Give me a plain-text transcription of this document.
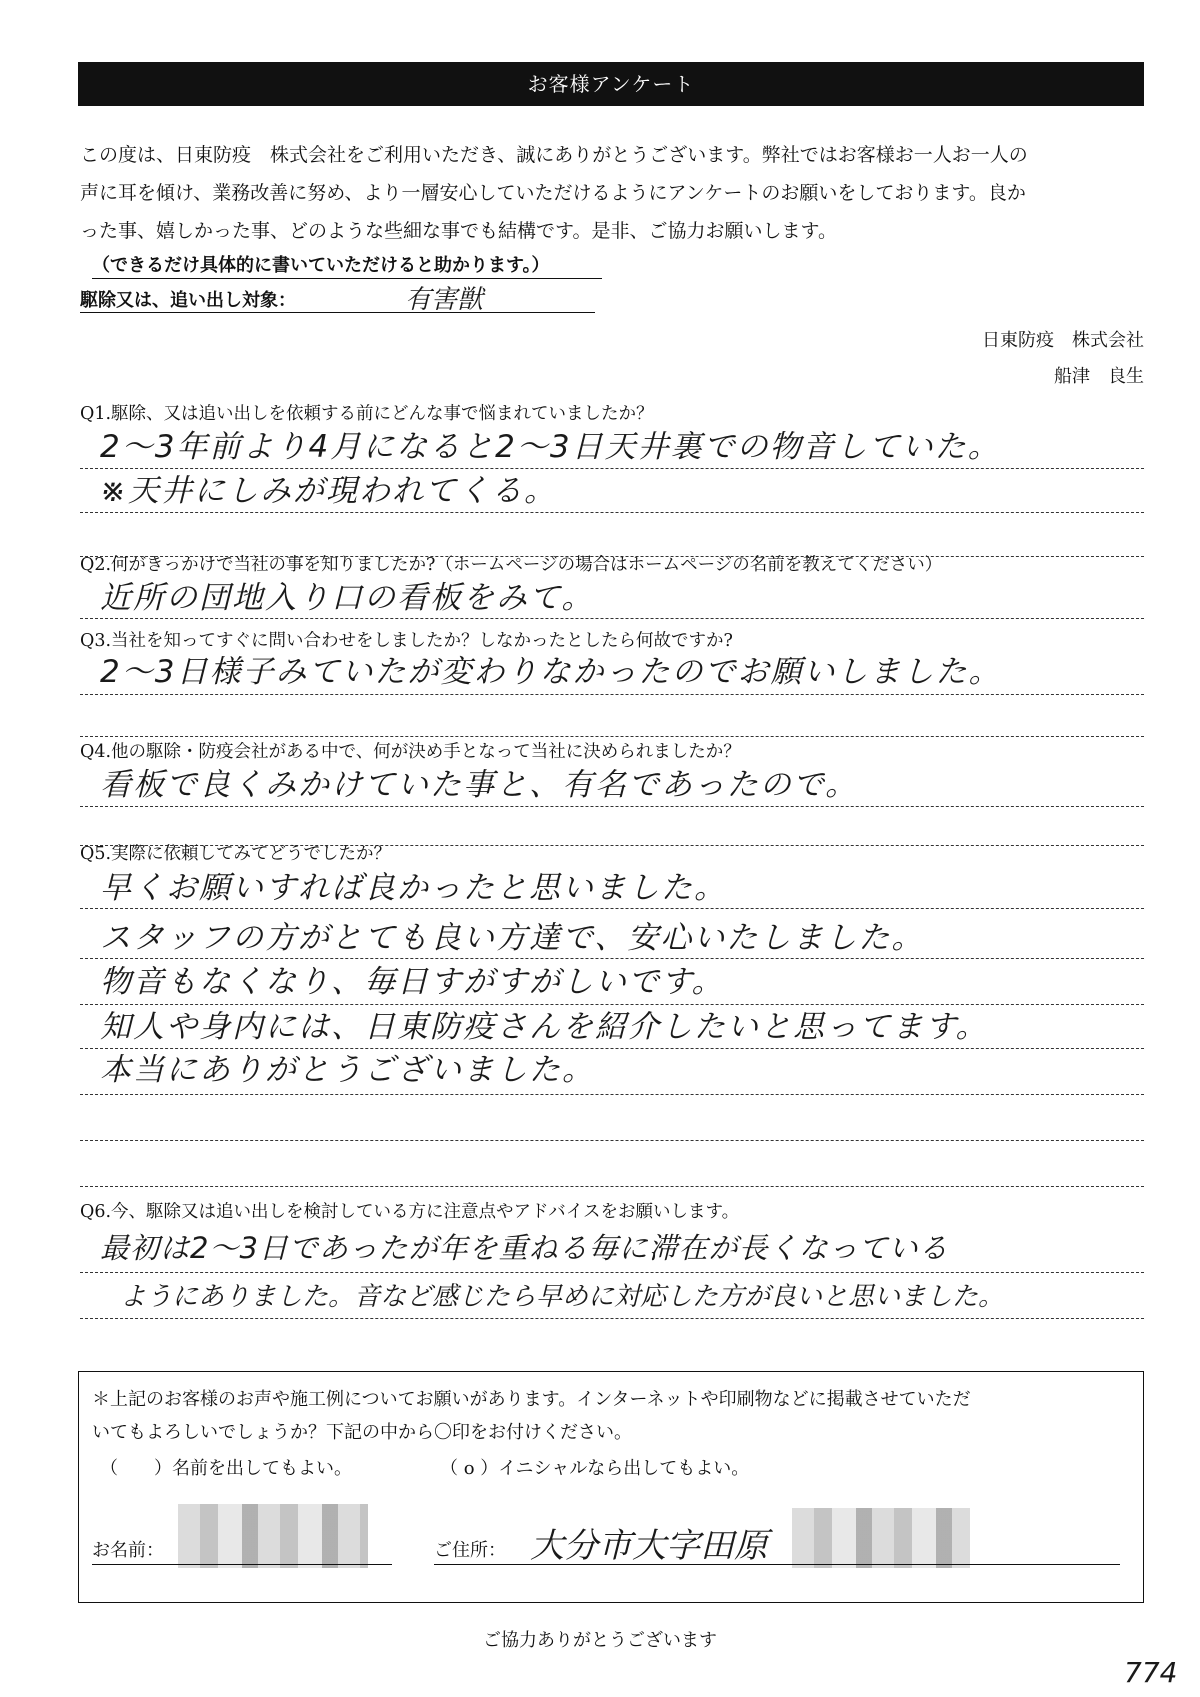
お客様アンケート
この度は、日東防疫　株式会社をご利用いただき、誠にありがとうございます。弊社ではお客様お一人お一人の
声に耳を傾け、業務改善に努め、より一層安心していただけるようにアンケートのお願いをしております。良か
った事、嬉しかった事、どのような些細な事でも結構です。是非、ご協力お願いします。
（できるだけ具体的に書いていただけると助かります。）
駆除又は、追い出し対象：	有害獣
日東防疫　株式会社
船津　良生
Q1.駆除、又は追い出しを依頼する前にどんな事で悩まれていましたか？
2～3年前より4月になると2～3日天井裏での物音していた。
※天井にしみが現われてくる。
Q2.何がきっかけで当社の事を知りましたか?（ホームページの場合はホームページの名前を教えてください）
近所の団地入り口の看板をみて。
Q3.当社を知ってすぐに問い合わせをしましたか？しなかったとしたら何故ですか?
2～3日様子みていたが変わりなかったのでお願いしました。
Q4.他の駆除・防疫会社がある中で、何が決め手となって当社に決められましたか？
看板で良くみかけていた事と、有名であったので。
Q5.実際に依頼してみてどうでしたか？
早くお願いすれば良かったと思いました。
スタッフの方がとても良い方達で、安心いたしました。
物音もなくなり、毎日すがすがしいです。
知人や身内には、日東防疫さんを紹介したいと思ってます。
本当にありがとうございました。
Q6.今、駆除又は追い出しを検討している方に注意点やアドバイスをお願いします。
最初は2～3日であったが年を重ねる毎に滞在が長くなっている
ようにありました。音など感じたら早めに対応した方が良いと思いました。
＊上記のお客様のお声や施工例についてお願いがあります。インターネットや印刷物などに掲載させていただ
いてもよろしいでしょうか？下記の中から〇印をお付けください。
（　　）名前を出してもよい。	（ o ）イニシャルなら出してもよい。
お名前：	ご住所： 大分市大字田原
ご協力ありがとうございます
774
